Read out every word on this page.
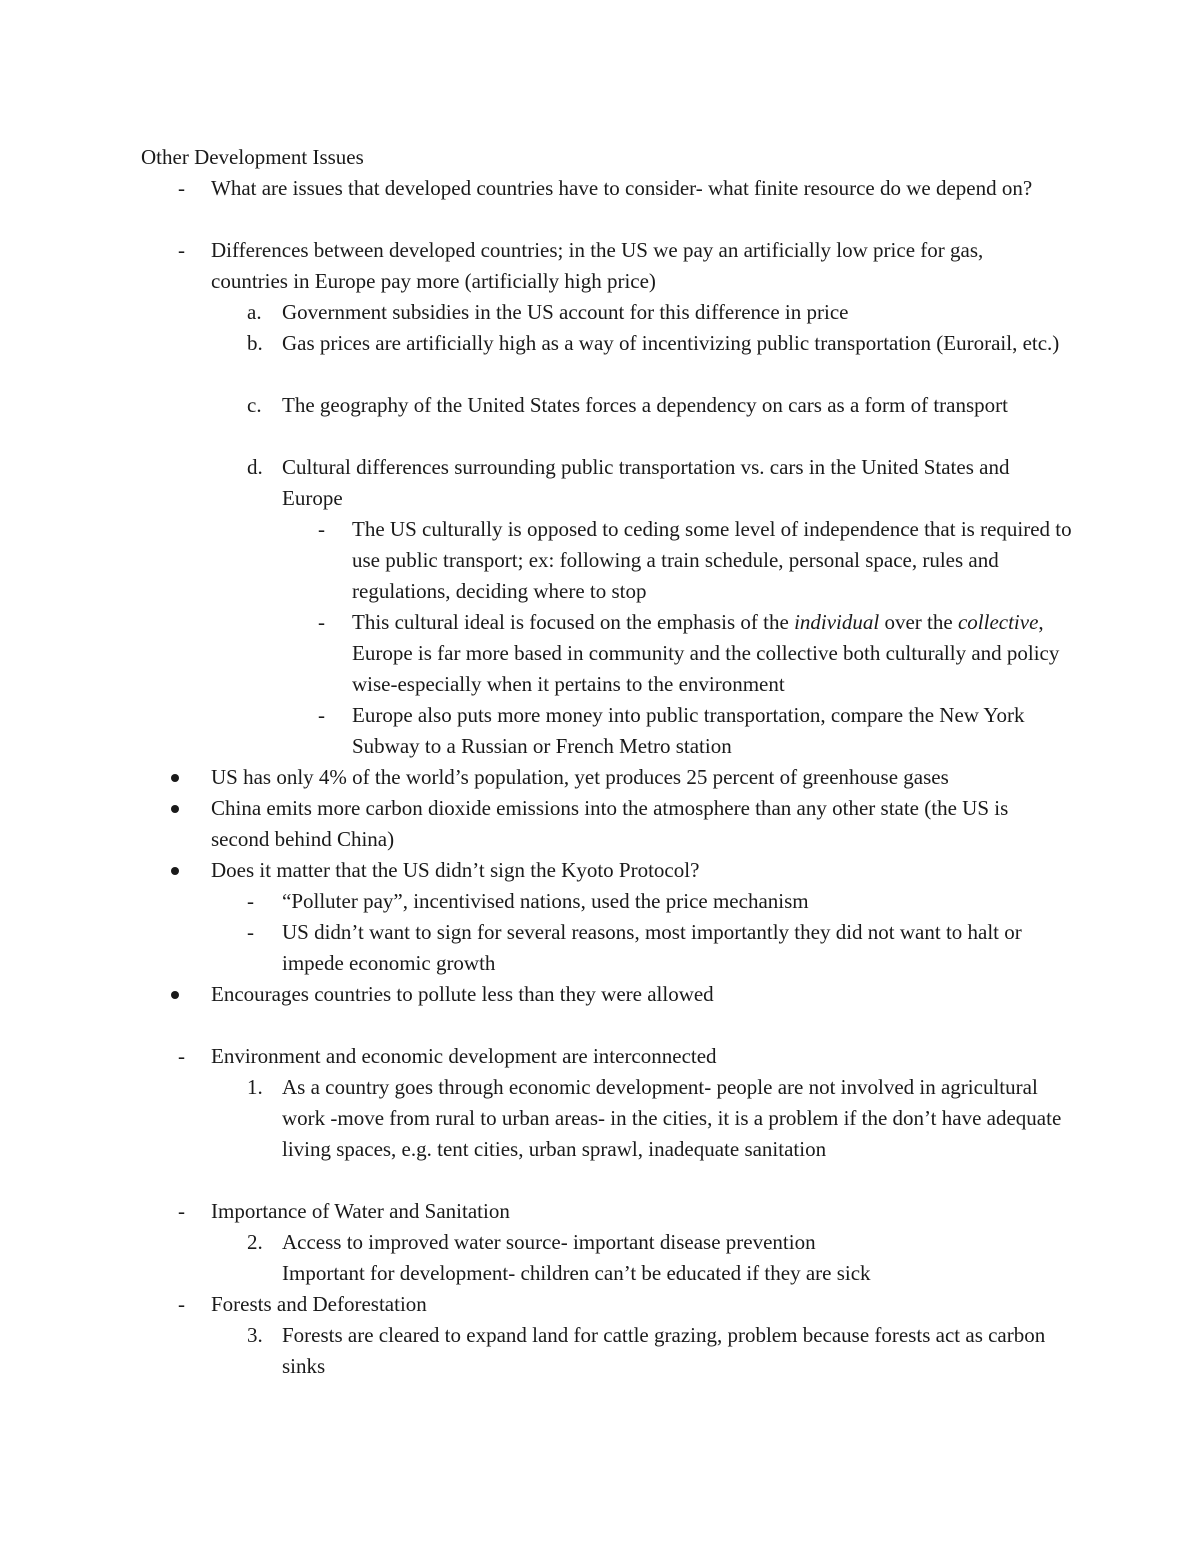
Other Development Issues
- What are issues that developed countries have to consider- what finite resource do we depend on?
- Differences between developed countries; in the US we pay an artificially low price for gas, countries in Europe pay more (artificially high price)
a. Government subsidies in the US account for this difference in price
b. Gas prices are artificially high as a way of incentivizing public transportation (Eurorail, etc.)
c. The geography of the United States forces a dependency on cars as a form of transport
d. Cultural differences surrounding public transportation vs. cars in the United States and Europe
- The US culturally is opposed to ceding some level of independence that is required to use public transport; ex: following a train schedule, personal space, rules and regulations, deciding where to stop
- This cultural ideal is focused on the emphasis of the individual over the collective, Europe is far more based in community and the collective both culturally and policy wise-especially when it pertains to the environment
- Europe also puts more money into public transportation, compare the New York Subway to a Russian or French Metro station
US has only 4% of the world’s population, yet produces 25 percent of greenhouse gases
China emits more carbon dioxide emissions into the atmosphere than any other state (the US is second behind China)
Does it matter that the US didn’t sign the Kyoto Protocol?
- “Polluter pay”, incentivised nations, used the price mechanism
- US didn’t want to sign for several reasons, most importantly they did not want to halt or impede economic growth
Encourages countries to pollute less than they were allowed
- Environment and economic development are interconnected
1. As a country goes through economic development- people are not involved in agricultural work -move from rural to urban areas- in the cities, it is a problem if the don’t have adequate living spaces, e.g. tent cities, urban sprawl, inadequate sanitation
- Importance of Water and Sanitation
2. Access to improved water source- important disease prevention
Important for development- children can’t be educated if they are sick
- Forests and Deforestation
3. Forests are cleared to expand land for cattle grazing, problem because forests act as carbon sinks
